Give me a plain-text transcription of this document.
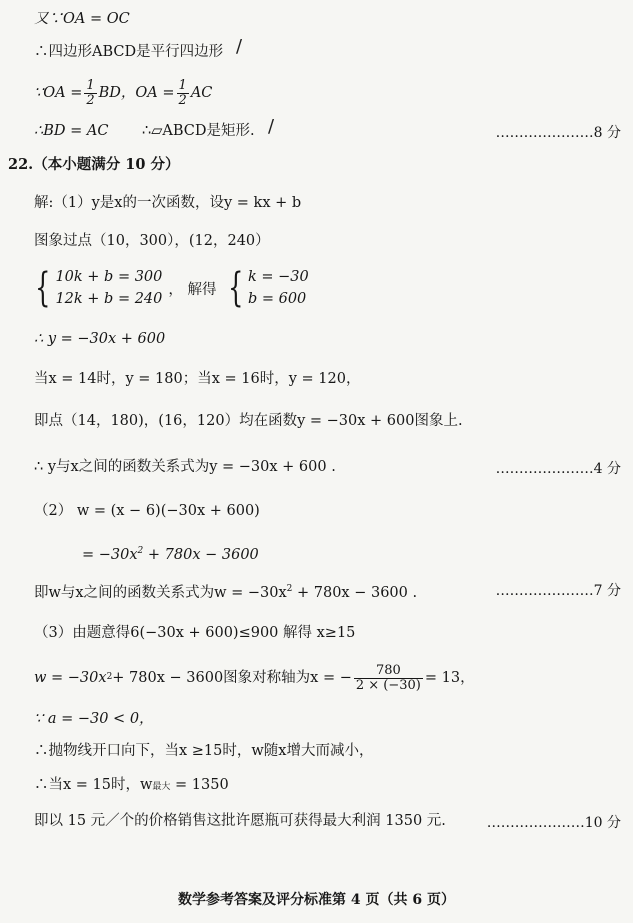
又∵OA = OC
∴四边形ABCD是平行四边形 /
∵OA = $\frac{1}{2}$ BD，OA = $\frac{1}{2}$ AC
∴BD = AC ∴▱ABCD是矩形. /	…………………8 分
22.（本小题满分 10 分）
解:（1）y是x的一次函数，设y = kx + b
图象过点（10，300），(12，240）
{ 10k + b = 300
12k + b = 240
， 解得 { k = −30
b = 600
∴ y = −30x + 600
当x = 14时，y = 180；当x = 16时，y = 120，
即点（14，180)，(16，120）均在函数y = −30x + 600图象上.
∴ y与x之间的函数关系式为y = −30x + 600 .	…………………4 分
（2） w = (x − 6)(−30x + 600)
= $-30x^2 + 780x - 3600$
即w与x之间的函数关系式为$w = -30x^2 + 780x - 3600$ .	…………………7 分
（3）由题意得6(−30x + 600)≤900 解得 x≥15
w = −30x 2 + 780x − 3600图象对称轴为x = − $\frac{780}{2 \times (-30)} = 13$，
∵ a = −30 < 0，
∴抛物线开口向下，当x ≥15时，w随x增大而减小，
∴当x = 15时，w最大 = 1350
即以 15 元／个的价格销售这批许愿瓶可获得最大利润 1350 元.	…………………10 分
数学参考答案及评分标准第 4 页（共 6 页）
